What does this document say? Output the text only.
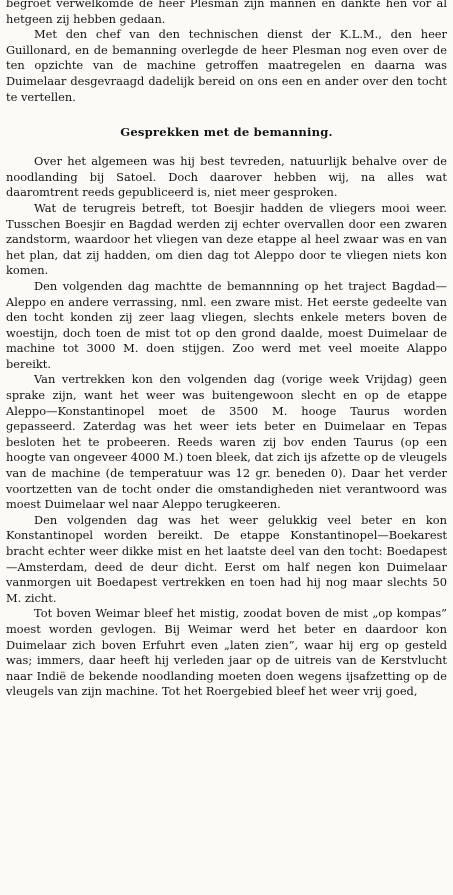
begroet verwelkomde de heer Plesman zijn mannen en dankte hen vor al hetgeen zij hebben gedaan.

Met den chef van den technischen dienst der K.L.M., den heer Guillonard, en de bemanning overlegde de heer Plesman nog even over de ten opzichte van de machine getroffen maatregelen en daarna was Duimelaar desgevraagd dadelijk bereid on ons een en ander over den tocht te vertellen.

Gesprekken met de bemanning.

Over het algemeen was hij best tevreden, natuurlijk behalve over de noodlanding bij Satoel. Doch daarover hebben wij, na alles wat daaromtrent reeds gepubliceerd is, niet meer gesproken.

Wat de terugreis betreft, tot Boesjir hadden de vliegers mooi weer. Tusschen Boesjir en Bagdad werden zij echter overvallen door een zwaren zandstorm, waardoor het vliegen van deze etappe al heel zwaar was en van het plan, dat zij hadden, om dien dag tot Aleppo door te vliegen niets kon komen.

Den volgenden dag machtte de bemannning op het traject Bagdad—Aleppo en andere verrassing, nml. een zware mist. Het eerste gedeelte van den tocht konden zij zeer laag vliegen, slechts enkele meters boven de woestijn, doch toen de mist tot op den grond daalde, moest Duimelaar de machine tot 3000 M. doen stijgen. Zoo werd met veel moeite Alappo bereikt.

Van vertrekken kon den volgenden dag (vorige week Vrijdag) geen sprake zijn, want het weer was buitengewoon slecht en op de etappe Aleppo—Konstantinopel moet de 3500 M. hooge Taurus worden gepasseerd. Zaterdag was het weer iets beter en Duimelaar en Tepas besloten het te probeeren. Reeds waren zij bov enden Taurus (op een hoogte van ongeveer 4000 M.) toen bleek, dat zich ijs afzette op de vleugels van de machine (de temperatuur was 12 gr. beneden 0). Daar het verder voortzetten van de tocht onder die omstandigheden niet verantwoord was moest Duimelaar wel naar Aleppo terugkeeren.

Den volgenden dag was het weer gelukkig veel beter en kon Konstantinopel worden bereikt. De etappe Konstantinopel—Boekarest bracht echter weer dikke mist en het laatste deel van den tocht: Boedapest—Amsterdam, deed de deur dicht. Eerst om half negen kon Duimelaar vanmorgen uit Boedapest vertrekken en toen had hij nog maar slechts 50 M. zicht.

Tot boven Weimar bleef het mistig, zoodat boven de mist „op kompas” moest worden gevlogen. Bij Weimar werd het beter en daardoor kon Duimelaar zich boven Erfuhrt even „laten zien”, waar hij erg op gesteld was; immers, daar heeft hij verleden jaar op de uitreis van de Kerstvlucht naar Indië de bekende noodlanding moeten doen wegens ijsafzetting op de vleugels van zijn machine. Tot het Roergebied bleef het weer vrij goed,
